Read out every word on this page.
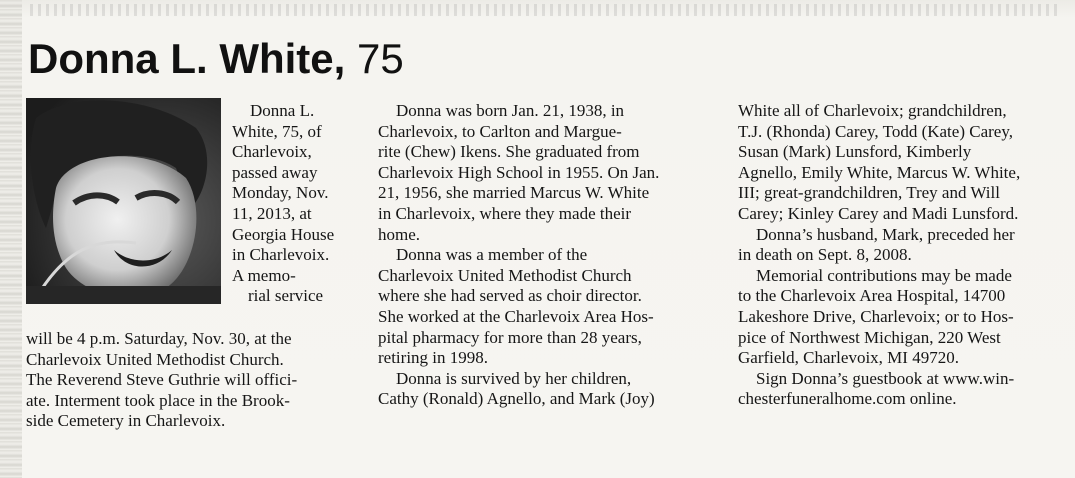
Donna L. White, 75
Donna L.
White, 75, of
Charlevoix,
passed away
Monday, Nov.
11, 2013, at
Georgia House
in Charlevoix.
A memo-
rial service
will be 4 p.m. Saturday, Nov. 30, at the
Charlevoix United Methodist Church.
The Reverend Steve Guthrie will offici-
ate. Interment took place in the Brook-
side Cemetery in Charlevoix.
Donna was born Jan. 21, 1938, in
Charlevoix, to Carlton and Margue-
rite (Chew) Ikens. She graduated from
Charlevoix High School in 1955. On Jan.
21, 1956, she married Marcus W. White
in Charlevoix, where they made their
home.
Donna was a member of the
Charlevoix United Methodist Church
where she had served as choir director.
She worked at the Charlevoix Area Hos-
pital pharmacy for more than 28 years,
retiring in 1998.
Donna is survived by her children,
Cathy (Ronald) Agnello, and Mark (Joy)
White all of Charlevoix; grandchildren,
T.J. (Rhonda) Carey, Todd (Kate) Carey,
Susan (Mark) Lunsford, Kimberly
Agnello, Emily White, Marcus W. White,
III; great-grandchildren, Trey and Will
Carey; Kinley Carey and Madi Lunsford.
Donna’s husband, Mark, preceded her
in death on Sept. 8, 2008.
Memorial contributions may be made
to the Charlevoix Area Hospital, 14700
Lakeshore Drive, Charlevoix; or to Hos-
pice of Northwest Michigan, 220 West
Garfield, Charlevoix, MI 49720.
Sign Donna’s guestbook at www.win-
chesterfuneralhome.com online.
